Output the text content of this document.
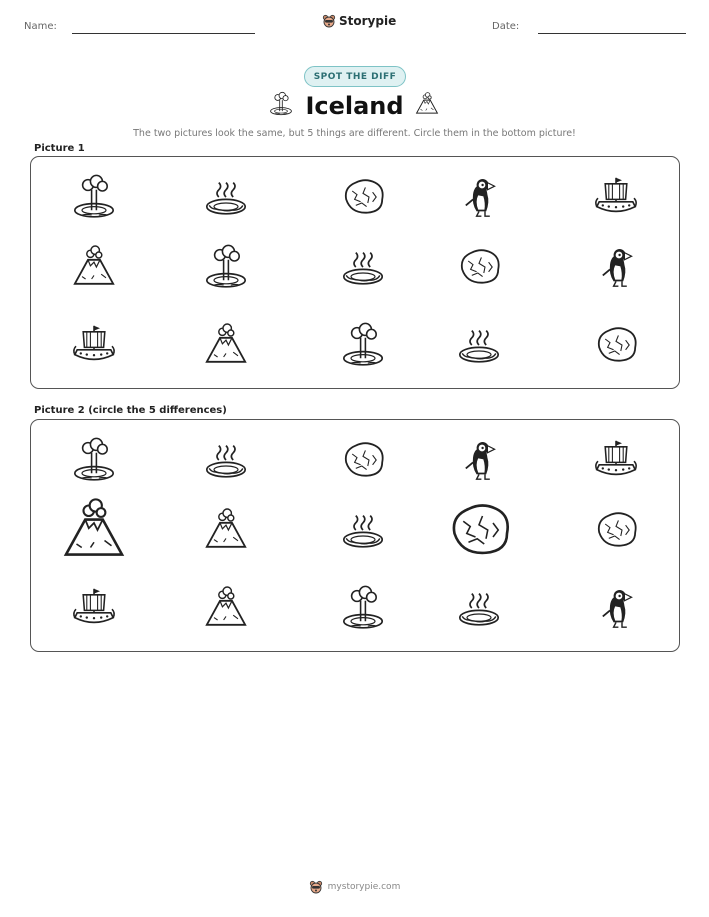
Name:	Storypie	Date:
SPOT THE DIFF
Iceland
The two pictures look the same, but 5 things are different. Circle them in the bottom picture!
Picture 1
Picture 2 (circle the 5 differences)
mystorypie.com
